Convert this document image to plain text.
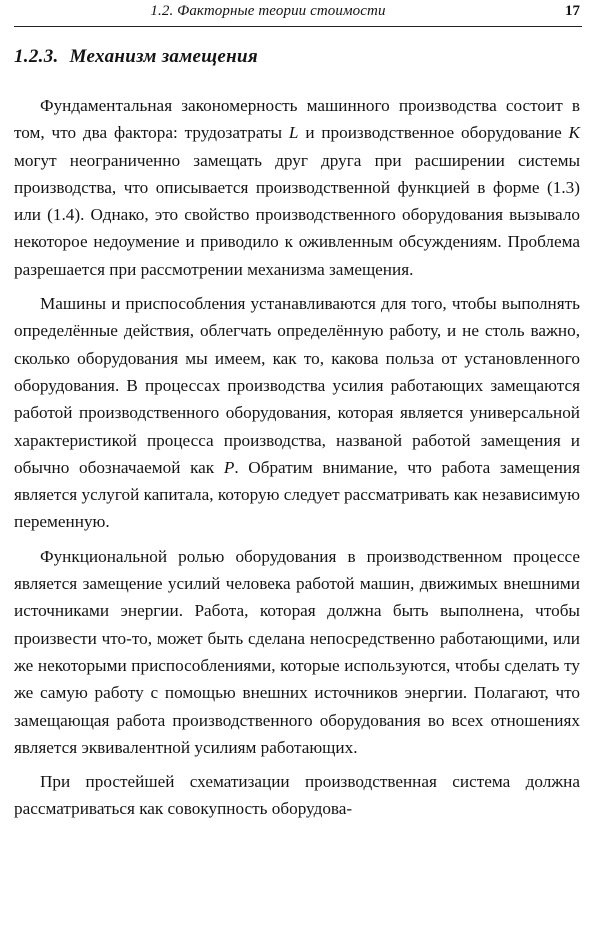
1.2. Факторные теории стоимости	17
1.2.3. Механизм замещения

Фундаментальная закономерность машинного производства состоит в том, что два фактора: трудозатраты L и производственное оборудование K могут неограниченно замещать друг друга при расширении системы производства, что описывается производственной функцией в форме (1.3) или (1.4). Однако, это свойство производственного оборудования вызывало некоторое недоумение и приводило к оживленным обсуждениям. Проблема разрешается при рассмотрении механизма замещения.

Машины и приспособления устанавливаются для того, чтобы выполнять определённые действия, облегчать определённую работу, и не столь важно, сколько оборудования мы имеем, как то, какова польза от установленного оборудования. В процессах производства усилия работающих замещаются работой производственного оборудования, которая является универсальной характеристикой процесса производства, названой работой замещения и обычно обозначаемой как P. Обратим внимание, что работа замещения является услугой капитала, которую следует рассматривать как независимую переменную.

Функциональной ролью оборудования в производственном процессе является замещение усилий человека работой машин, движимых внешними источниками энергии. Работа, которая должна быть выполнена, чтобы произвести что-то, может быть сделана непосредственно работающими, или же некоторыми приспособлениями, которые используются, чтобы сделать ту же самую работу с помощью внешних источников энергии. Полагают, что замещающая работа производственного оборудования во всех отношениях является эквивалентной усилиям работающих.

При простейшей схематизации производственная система должна рассматриваться как совокупность оборудова-
